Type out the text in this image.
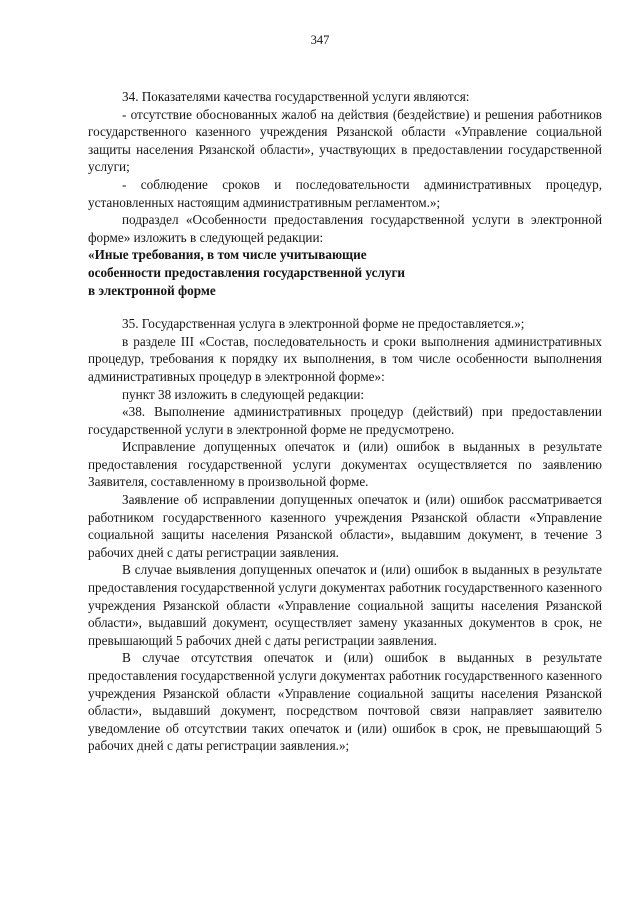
347

34. Показателями качества государственной услуги являются:

- отсутствие обоснованных жалоб на действия (бездействие) и решения работников государственного казенного учреждения Рязанской области «Управление социальной защиты населения Рязанской области», участвующих в предоставлении государственной услуги;

- соблюдение сроков и последовательности административных процедур, установленных настоящим административным регламентом.»;

подраздел «Особенности предоставления государственной услуги в электронной форме» изложить в следующей редакции:

«Иные требования, в том числе учитывающие

особенности предоставления государственной услуги

в электронной форме

35. Государственная услуга в электронной форме не предоставляется.»;

в разделе III «Состав, последовательность и сроки выполнения административных процедур, требования к порядку их выполнения, в том числе особенности выполнения административных процедур в электронной форме»:

пункт 38 изложить в следующей редакции:

«38. Выполнение административных процедур (действий) при предоставлении государственной услуги в электронной форме не предусмотрено.

Исправление допущенных опечаток и (или) ошибок в выданных в результате предоставления государственной услуги документах осуществляется по заявлению Заявителя, составленному в произвольной форме.

Заявление об исправлении допущенных опечаток и (или) ошибок рассматривается работником государственного казенного учреждения Рязанской области «Управление социальной защиты населения Рязанской области», выдавшим документ, в течение 3 рабочих дней с даты регистрации заявления.

В случае выявления допущенных опечаток и (или) ошибок в выданных в результате предоставления государственной услуги документах работник государственного казенного учреждения Рязанской области «Управление социальной защиты населения Рязанской области», выдавший документ, осуществляет замену указанных документов в срок, не превышающий 5 рабочих дней с даты регистрации заявления.

В случае отсутствия опечаток и (или) ошибок в выданных в результате предоставления государственной услуги документах работник государственного казенного учреждения Рязанской области «Управление социальной защиты населения Рязанской области», выдавший документ, посредством почтовой связи направляет заявителю уведомление об отсутствии таких опечаток и (или) ошибок в срок, не превышающий 5 рабочих дней с даты регистрации заявления.»;
